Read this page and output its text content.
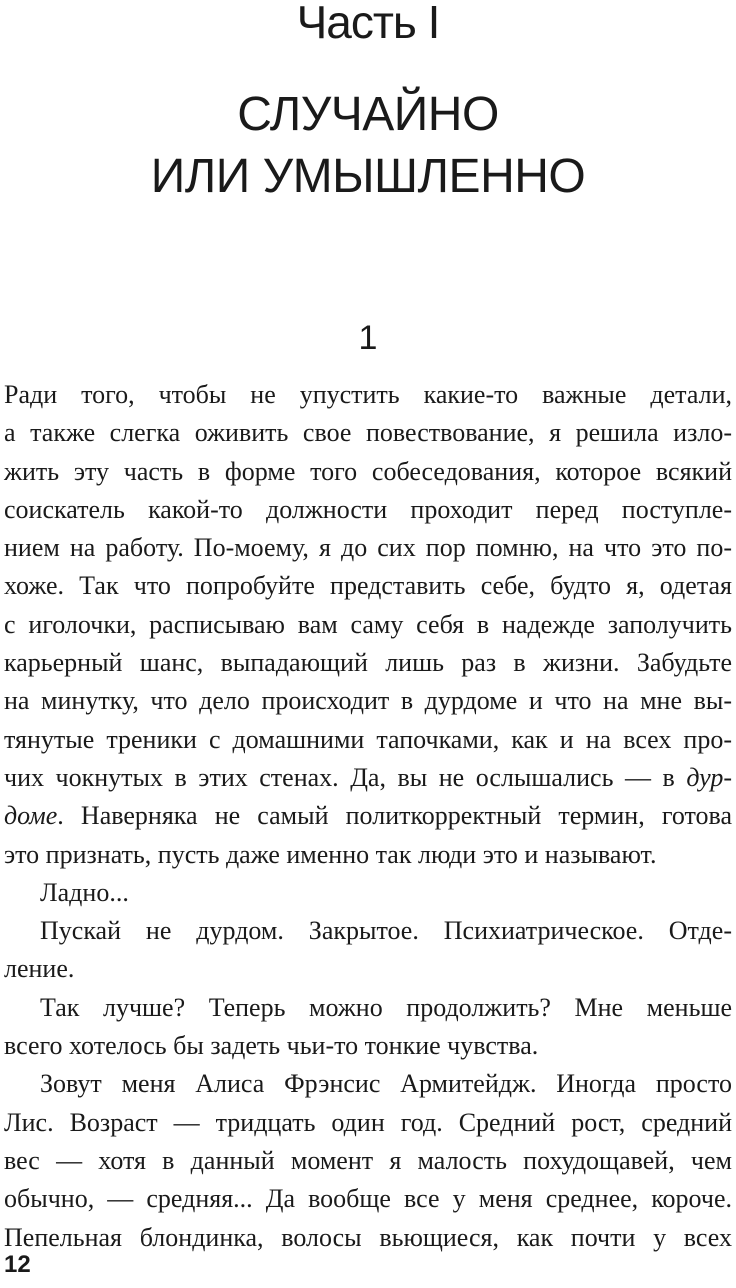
Часть I
СЛУЧАЙНО
ИЛИ УМЫШЛЕННО
1
Ради того, чтобы не упустить какие-то важные детали,
а также слегка оживить свое повествование, я решила изло-
жить эту часть в форме того собеседования, которое всякий
соискатель какой-то должности проходит перед поступле-
нием на работу. По-моему, я до сих пор помню, на что это по-
хоже. Так что попробуйте представить себе, будто я, одетая
с иголочки, расписываю вам саму себя в надежде заполучить
карьерный шанс, выпадающий лишь раз в жизни. Забудьте
на минутку, что дело происходит в дурдоме и что на мне вы-
тянутые треники с домашними тапочками, как и на всех про-
чих чокнутых в этих стенах. Да, вы не ослышались — в дур-
доме. Наверняка не самый политкорректный термин, готова
это признать, пусть даже именно так люди это и называют.
Ладно...
Пускай не дурдом. Закрытое. Психиатрическое. Отде-
ление.
Так лучше? Теперь можно продолжить? Мне меньше
всего хотелось бы задеть чьи-то тонкие чувства.
Зовут меня Алиса Фрэнсис Армитейдж. Иногда просто
Лис. Возраст — тридцать один год. Средний рост, средний
вес — хотя в данный момент я малость похудощавей, чем
обычно, — средняя... Да вообще все у меня среднее, короче.
Пепельная блондинка, волосы вьющиеся, как почти у всех
12
